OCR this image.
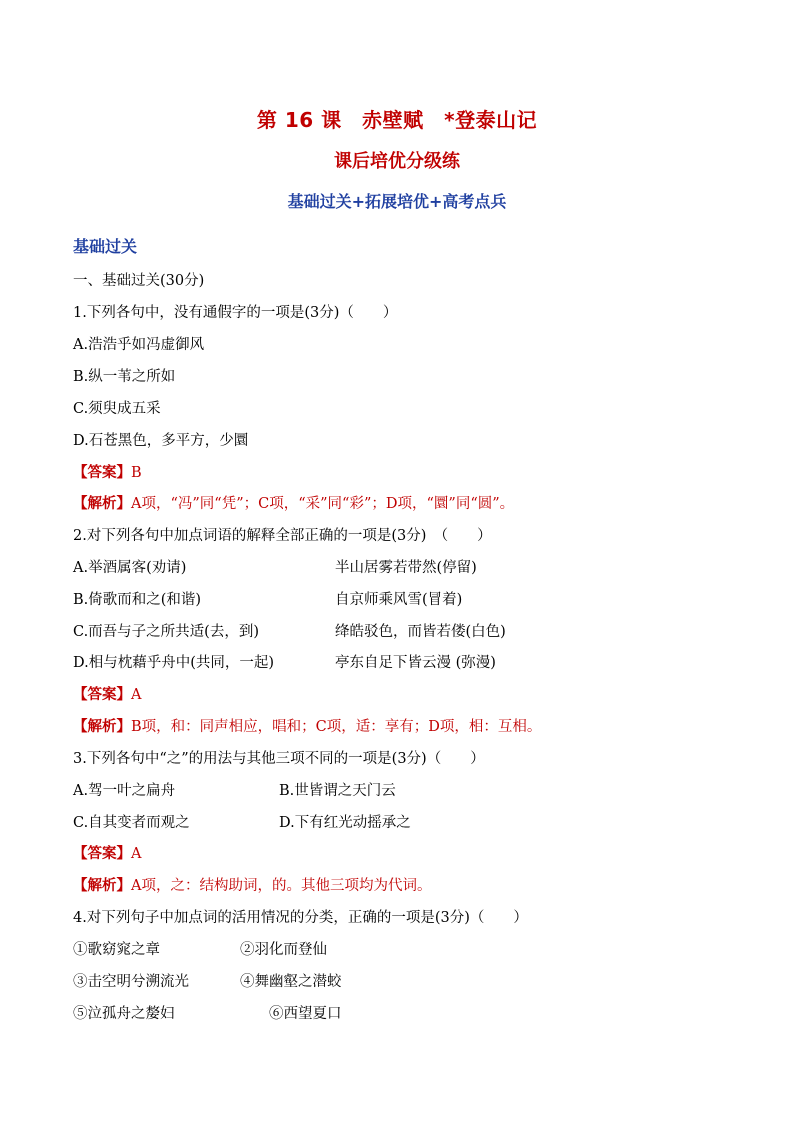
第 16 课　赤壁赋　*登泰山记
课后培优分级练
基础过关+拓展培优+高考点兵
基础过关
一、基础过关(30分)
1.下列各句中，没有通假字的一项是(3分)（　　）
A.浩浩乎如冯虚御风
B.纵一苇之所如
C.须臾成五采
D.石苍黑色，多平方，少圜
【答案】B
【解析】A项，“冯”同“凭”；C项，“采”同“彩”；D项，“圜”同“圆”。
2.对下列各句中加点词语的解释全部正确的一项是(3分)　（　　）
A.举酒属客(劝请)	半山居雾若带然(停留)
B.倚歌而和之(和谐)	自京师乘风雪(冒着)
C.而吾与子之所共适(去，到)	绛皓驳色，而皆若偻(白色)
D.相与枕藉乎舟中(共同，一起)	亭东自足下皆云漫 (弥漫)
【答案】A
【解析】B项，和：同声相应，唱和；C项，适：享有；D项，相：互相。
3.下列各句中“之”的用法与其他三项不同的一项是(3分)（　　）
A.驾一叶之扁舟	B.世皆谓之天门云
C.自其变者而观之	D.下有红光动摇承之
【答案】A
【解析】A项，之：结构助词，的。其他三项均为代词。
4.对下列句子中加点词的活用情况的分类，正确的一项是(3分)（　　）
①歌窈窕之章	②羽化而登仙
③击空明兮溯流光	④舞幽壑之潜蛟
⑤泣孤舟之嫠妇	⑥西望夏口
